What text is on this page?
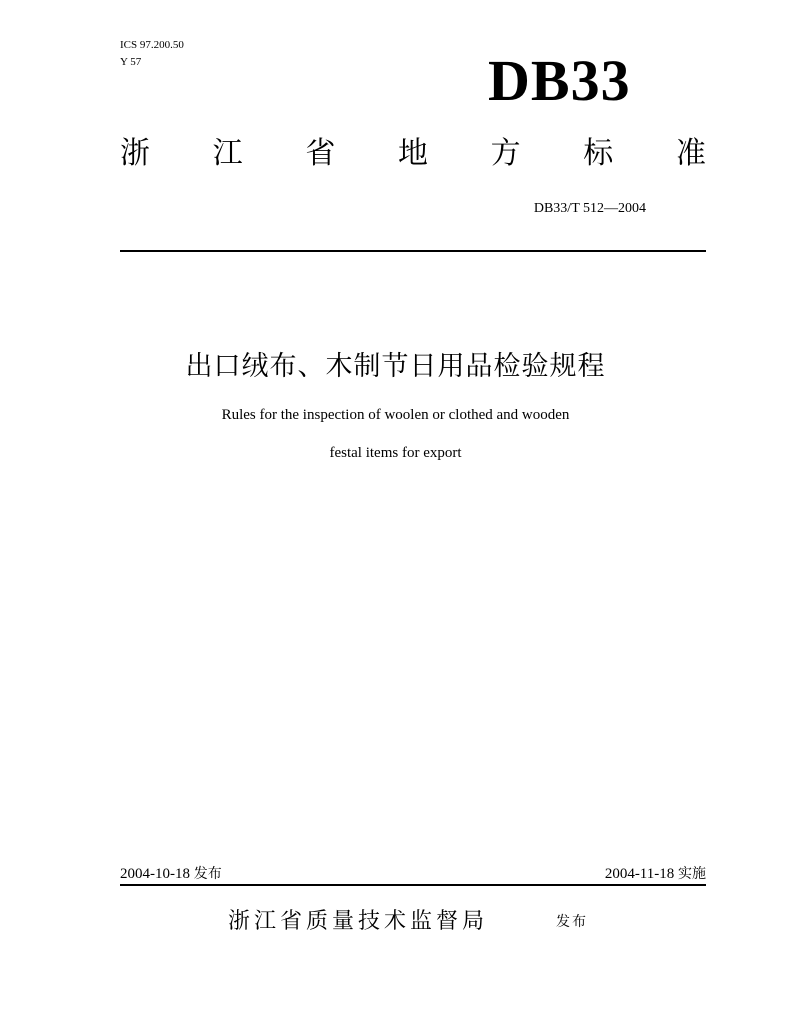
ICS 97.200.50
Y 57	DB33
浙 江 省 地 方 标 准
DB33/T 512—2004
出口绒布、木制节日用品检验规程
Rules for the inspection of woolen or clothed and wooden
festal items for export
2004-10-18 发布	2004-11-18 实施
浙江省质量技术监督局	发布
